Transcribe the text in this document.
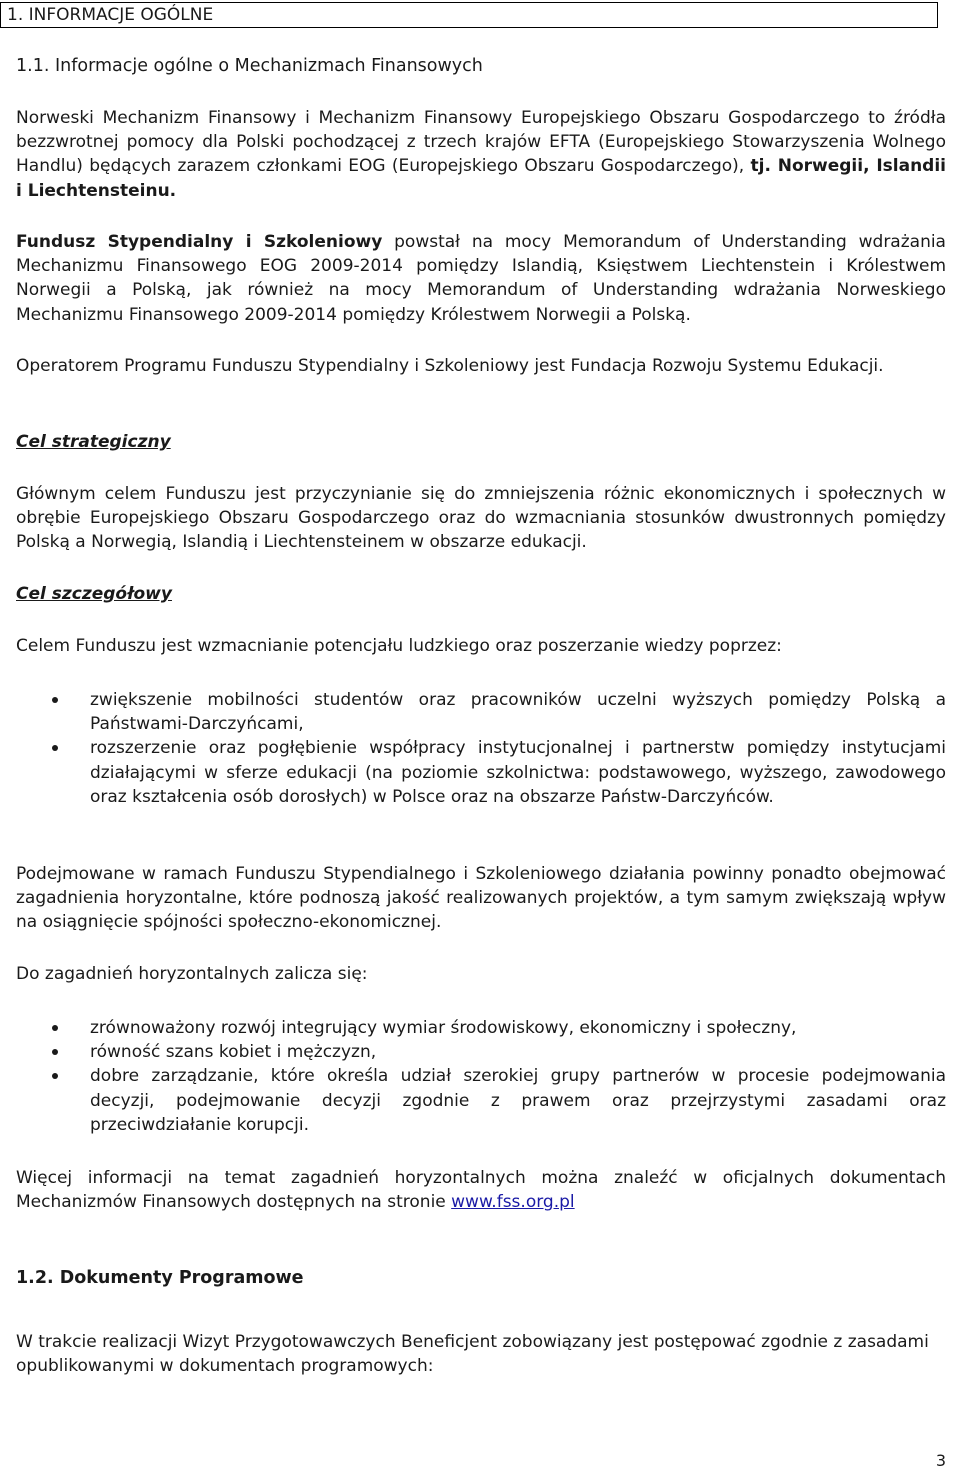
1. INFORMACJE OGÓLNE
1.1. Informacje ogólne o Mechanizmach Finansowych
Norweski Mechanizm Finansowy i Mechanizm Finansowy Europejskiego Obszaru Gospodarczego to źródła bezzwrotnej pomocy dla Polski pochodzącej z trzech krajów EFTA (Europejskiego Stowarzyszenia Wolnego Handlu) będących zarazem członkami EOG (Europejskiego Obszaru Gospodarczego), tj. Norwegii, Islandii i Liechtensteinu.
Fundusz Stypendialny i Szkoleniowy powstał na mocy Memorandum of Understanding wdrażania Mechanizmu Finansowego EOG 2009-2014 pomiędzy Islandią, Księstwem Liechtenstein i Królestwem Norwegii a Polską, jak również na mocy Memorandum of Understanding wdrażania Norweskiego Mechanizmu Finansowego 2009-2014 pomiędzy Królestwem Norwegii a Polską.
Operatorem Programu Funduszu Stypendialny i Szkoleniowy jest Fundacja Rozwoju Systemu Edukacji.
Cel strategiczny
Głównym celem Funduszu jest przyczynianie się do zmniejszenia różnic ekonomicznych i społecznych w obrębie Europejskiego Obszaru Gospodarczego oraz do wzmacniania stosunków dwustronnych pomiędzy Polską a Norwegią, Islandią i Liechtensteinem w obszarze edukacji.
Cel szczegółowy
Celem Funduszu jest wzmacnianie potencjału ludzkiego oraz poszerzanie wiedzy poprzez:
zwiększenie mobilności studentów oraz pracowników uczelni wyższych pomiędzy Polską a Państwami-Darczyńcami,
rozszerzenie oraz pogłębienie współpracy instytucjonalnej i partnerstw pomiędzy instytucjami działającymi w sferze edukacji (na poziomie szkolnictwa: podstawowego, wyższego, zawodowego oraz kształcenia osób dorosłych) w Polsce oraz na obszarze Państw-Darczyńców.
Podejmowane w ramach Funduszu Stypendialnego i Szkoleniowego działania powinny ponadto obejmować zagadnienia horyzontalne, które podnoszą jakość realizowanych projektów, a tym samym zwiększają wpływ na osiągnięcie spójności społeczno-ekonomicznej.
Do zagadnień horyzontalnych zalicza się:
zrównoważony rozwój integrujący wymiar środowiskowy, ekonomiczny i społeczny,
równość szans kobiet i mężczyzn,
dobre zarządzanie, które określa udział szerokiej grupy partnerów w procesie podejmowania decyzji, podejmowanie decyzji zgodnie z prawem oraz przejrzystymi zasadami oraz przeciwdziałanie korupcji.
Więcej informacji na temat zagadnień horyzontalnych można znaleźć w oficjalnych dokumentach Mechanizmów Finansowych dostępnych na stronie www.fss.org.pl
1.2. Dokumenty Programowe
W trakcie realizacji Wizyt Przygotowawczych Beneficjent zobowiązany jest postępować zgodnie z zasadami opublikowanymi w dokumentach programowych:
3
